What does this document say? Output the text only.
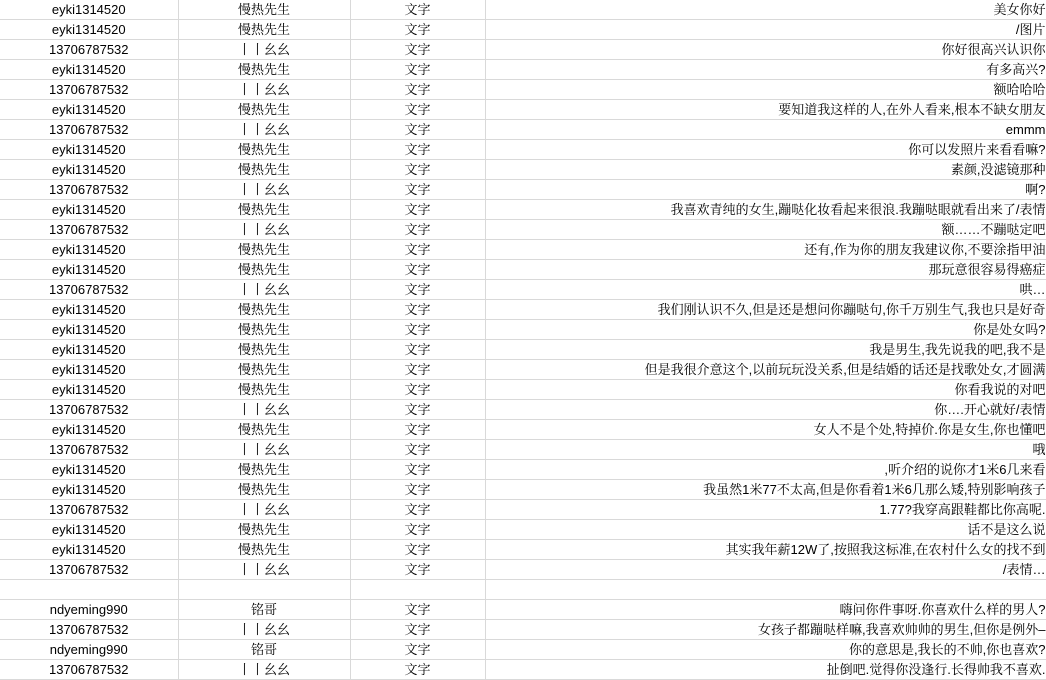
eyki1314520	慢热先生	文字	美女你好
eyki1314520	慢热先生	文字	/图片
13706787532	丨丨幺幺	文字	你好很高兴认识你
eyki1314520	慢热先生	文字	有多高兴?
13706787532	丨丨幺幺	文字	额哈哈哈
eyki1314520	慢热先生	文字	要知道我这样的人,在外人看来,根本不缺女朋友
13706787532	丨丨幺幺	文字	emmm
eyki1314520	慢热先生	文字	你可以发照片来看看嘛?
eyki1314520	慢热先生	文字	素颜,没滤镜那种
13706787532	丨丨幺幺	文字	啊?
eyki1314520	慢热先生	文字	我喜欢青纯的女生,蹦哒化妆看起来很浪.我蹦哒眼就看出来了/表情
13706787532	丨丨幺幺	文字	额……不蹦哒定吧
eyki1314520	慢热先生	文字	还有,作为你的朋友我建议你,不要涂指甲油
eyki1314520	慢热先生	文字	那玩意很容易得癌症
13706787532	丨丨幺幺	文字	哄…
eyki1314520	慢热先生	文字	我们刚认识不久,但是还是想问你蹦哒句,你千万别生气,我也只是好奇
eyki1314520	慢热先生	文字	你是处女吗?
eyki1314520	慢热先生	文字	我是男生,我先说我的吧,我不是
eyki1314520	慢热先生	文字	但是我很介意这个,以前玩玩没关系,但是结婚的话还是找歌处女,才圆满
eyki1314520	慢热先生	文字	你看我说的对吧
13706787532	丨丨幺幺	文字	你….开心就好/表情
eyki1314520	慢热先生	文字	女人不是个处,特掉价.你是女生,你也懂吧
13706787532	丨丨幺幺	文字	哦
eyki1314520	慢热先生	文字	,听介绍的说你才1米6几来看
eyki1314520	慢热先生	文字	我虽然1米77不太高,但是你看着1米6几那么矮,特别影响孩子
13706787532	丨丨幺幺	文字	1.77?我穿高跟鞋都比你高呢.
eyki1314520	慢热先生	文字	话不是这么说
eyki1314520	慢热先生	文字	其实我年薪12W了,按照我这标准,在农村什么女的找不到
13706787532	丨丨幺幺	文字	/表情…

ndyeming990	铭哥	文字	嗨问你件事呀.你喜欢什么样的男人?
13706787532	丨丨幺幺	文字	女孩子都蹦哒样嘛,我喜欢帅帅的男生,但你是例外–
ndyeming990	铭哥	文字	你的意思是,我长的不帅,你也喜欢?
13706787532	丨丨幺幺	文字	扯倒吧.觉得你没逢行.长得帅我不喜欢.
